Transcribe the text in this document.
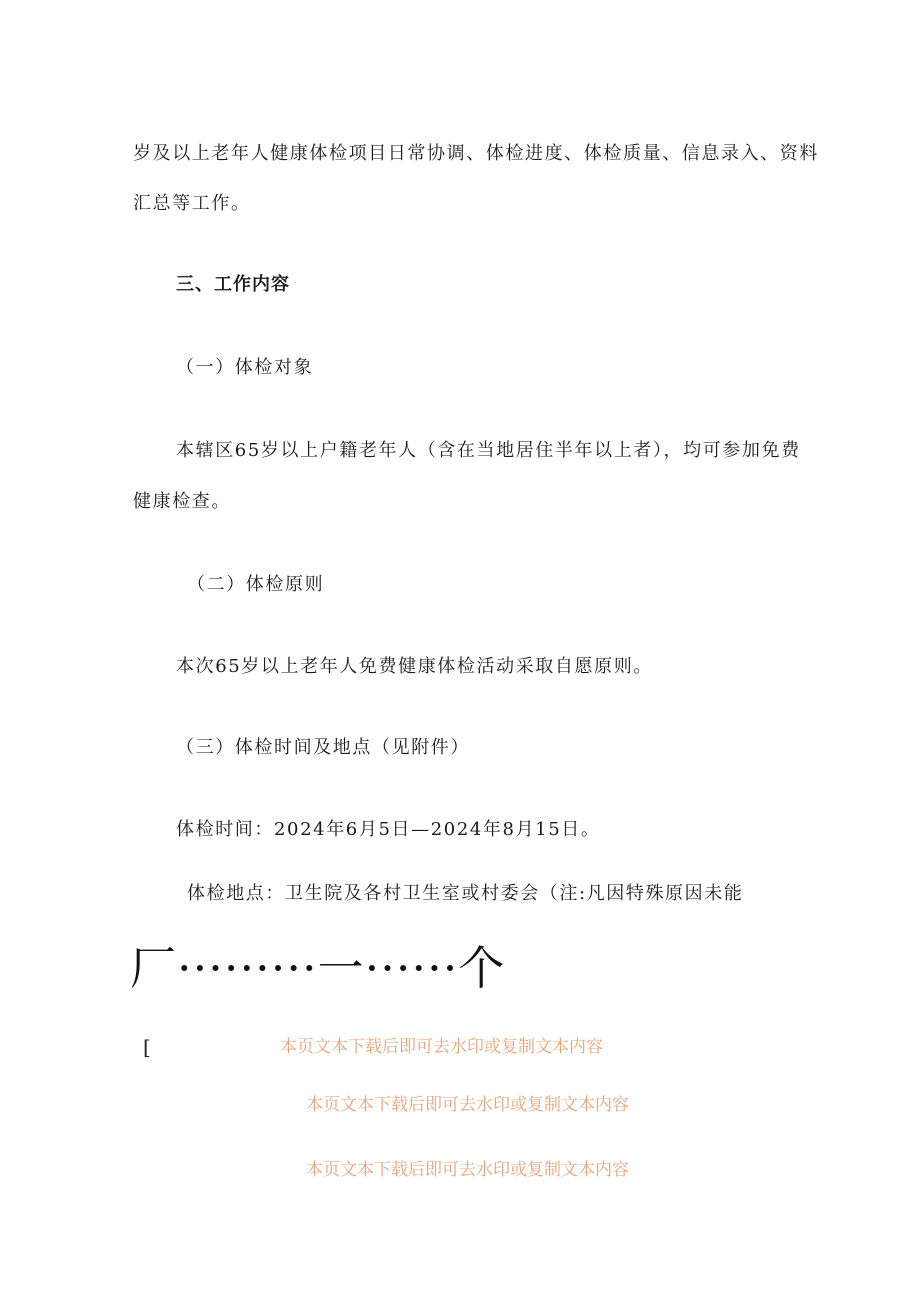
岁及以上老年人健康体检项目日常协调、体检进度、体检质量、信息录入、资料
汇总等工作。
三、工作内容
（一）体检对象
本辖区65岁以上户籍老年人（含在当地居住半年以上者），均可参加免费
健康检查。
（二）体检原则
本次65岁以上老年人免费健康体检活动采取自愿原则。
（三）体检时间及地点（见附件）
体检时间：2024年6月5日—2024年8月15日。
体检地点：卫生院及各村卫生室或村委会（注:凡因特殊原因未能
厂·········一······个
[	本页文本下载后即可去水印或复制文本内容
本页文本下载后即可去水印或复制文本内容
本页文本下载后即可去水印或复制文本内容
